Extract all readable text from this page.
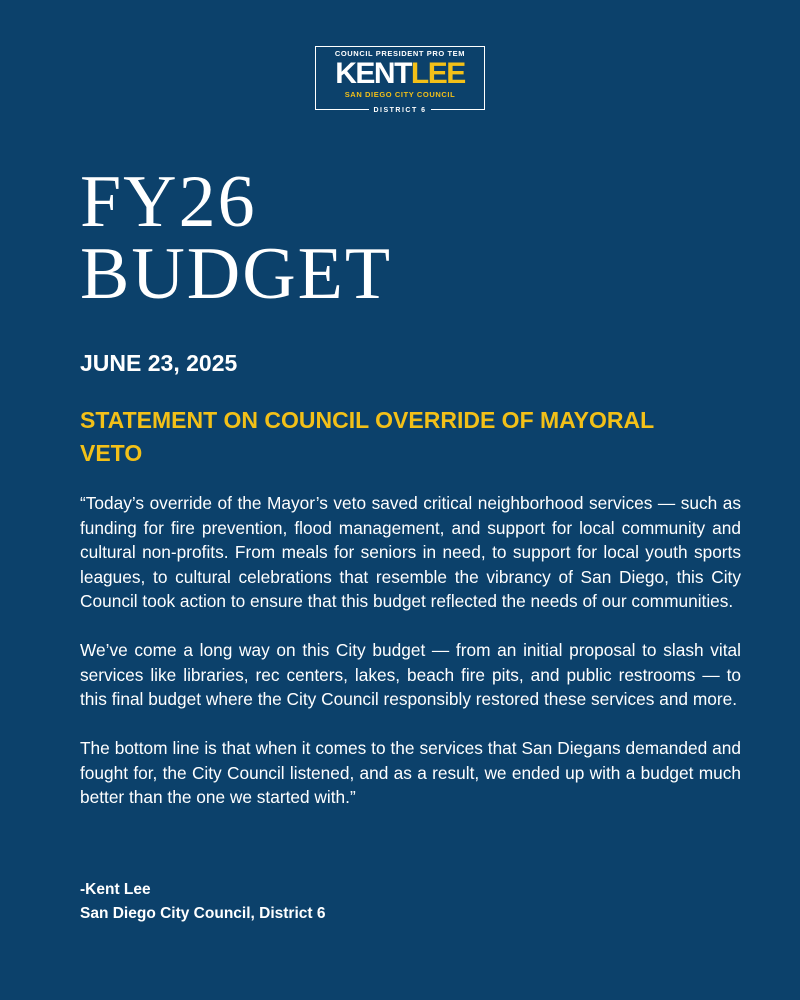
COUNCIL PRESIDENT PRO TEM
KENTLEE
SAN DIEGO CITY COUNCIL
DISTRICT 6
FY26
BUDGET
JUNE 23, 2025
STATEMENT ON COUNCIL OVERRIDE OF MAYORAL VETO

“Today’s override of the Mayor’s veto saved critical neighborhood services — such as funding for fire prevention, flood management, and support for local community and cultural non-profits. From meals for seniors in need, to support for local youth sports leagues, to cultural celebrations that resemble the vibrancy of San Diego, this City Council took action to ensure that this budget reflected the needs of our communities.

We’ve come a long way on this City budget — from an initial proposal to slash vital services like libraries, rec centers, lakes, beach fire pits, and public restrooms — to this final budget where the City Council responsibly restored these services and more.

The bottom line is that when it comes to the services that San Diegans demanded and fought for, the City Council listened, and as a result, we ended up with a budget much better than the one we started with.”

-Kent Lee
San Diego City Council, District 6
